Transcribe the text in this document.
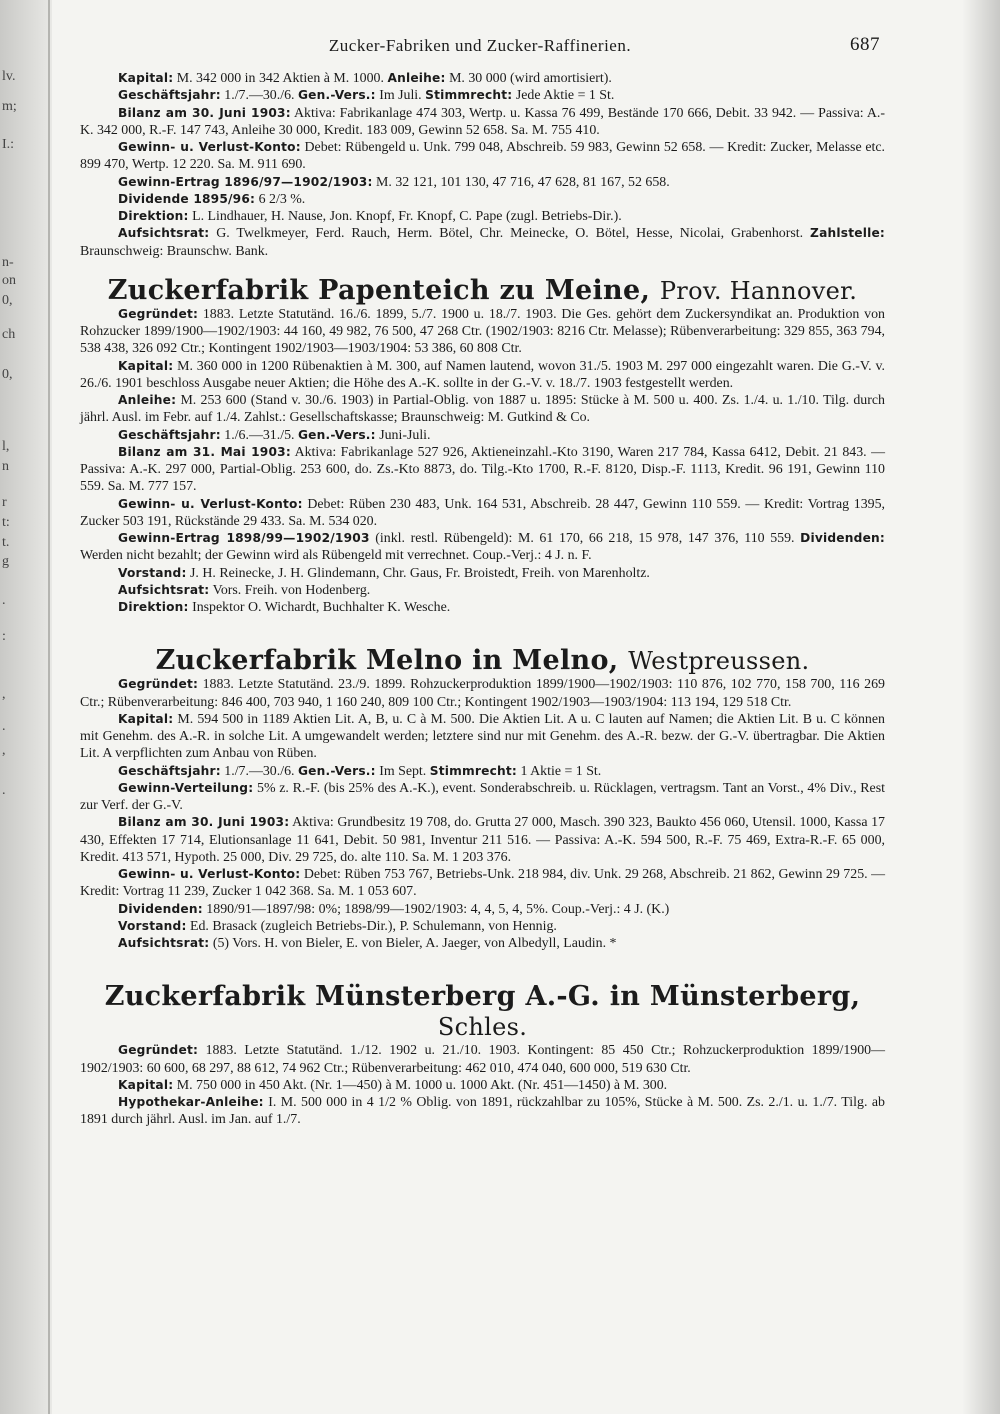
lv.
m;
I.:
n-
on
0,
ch
0,
l,
n
r
t:
t.
g
.
:
,
.
,
.
Zucker-Fabriken und Zucker-Raffinerien.	687

Kapital: M. 342 000 in 342 Aktien à M. 1000. Anleihe: M. 30 000 (wird amortisiert).

Geschäftsjahr: 1./7.—30./6. Gen.-Vers.: Im Juli. Stimmrecht: Jede Aktie = 1 St.

Bilanz am 30. Juni 1903: Aktiva: Fabrikanlage 474 303, Wertp. u. Kassa 76 499, Bestände 170 666, Debit. 33 942. — Passiva: A.-K. 342 000, R.-F. 147 743, Anleihe 30 000, Kredit. 183 009, Gewinn 52 658. Sa. M. 755 410.

Gewinn- u. Verlust-Konto: Debet: Rübengeld u. Unk. 799 048, Abschreib. 59 983, Gewinn 52 658. — Kredit: Zucker, Melasse etc. 899 470, Wertp. 12 220. Sa. M. 911 690.

Gewinn-Ertrag 1896/97—1902/1903: M. 32 121, 101 130, 47 716, 47 628, 81 167, 52 658.

Dividende 1895/96: 6 2/3 %.

Direktion: L. Lindhauer, H. Nause, Jon. Knopf, Fr. Knopf, C. Pape (zugl. Betriebs-Dir.).

Aufsichtsrat: G. Twelkmeyer, Ferd. Rauch, Herm. Bötel, Chr. Meinecke, O. Bötel, Hesse, Nicolai, Grabenhorst. Zahlstelle: Braunschweig: Braunschw. Bank.

Zuckerfabrik Papenteich zu Meine, Prov. Hannover.

Gegründet: 1883. Letzte Statutänd. 16./6. 1899, 5./7. 1900 u. 18./7. 1903. Die Ges. gehört dem Zuckersyndikat an. Produktion von Rohzucker 1899/1900—1902/1903: 44 160, 49 982, 76 500, 47 268 Ctr. (1902/1903: 8216 Ctr. Melasse); Rübenverarbeitung: 329 855, 363 794, 538 438, 326 092 Ctr.; Kontingent 1902/1903—1903/1904: 53 386, 60 808 Ctr.

Kapital: M. 360 000 in 1200 Rübenaktien à M. 300, auf Namen lautend, wovon 31./5. 1903 M. 297 000 eingezahlt waren. Die G.-V. v. 26./6. 1901 beschloss Ausgabe neuer Aktien; die Höhe des A.-K. sollte in der G.-V. v. 18./7. 1903 festgestellt werden.

Anleihe: M. 253 600 (Stand v. 30./6. 1903) in Partial-Oblig. von 1887 u. 1895: Stücke à M. 500 u. 400. Zs. 1./4. u. 1./10. Tilg. durch jährl. Ausl. im Febr. auf 1./4. Zahlst.: Gesellschaftskasse; Braunschweig: M. Gutkind & Co.

Geschäftsjahr: 1./6.—31./5. Gen.-Vers.: Juni-Juli.

Bilanz am 31. Mai 1903: Aktiva: Fabrikanlage 527 926, Aktieneinzahl.-Kto 3190, Waren 217 784, Kassa 6412, Debit. 21 843. — Passiva: A.-K. 297 000, Partial-Oblig. 253 600, do. Zs.-Kto 8873, do. Tilg.-Kto 1700, R.-F. 8120, Disp.-F. 1113, Kredit. 96 191, Gewinn 110 559. Sa. M. 777 157.

Gewinn- u. Verlust-Konto: Debet: Rüben 230 483, Unk. 164 531, Abschreib. 28 447, Gewinn 110 559. — Kredit: Vortrag 1395, Zucker 503 191, Rückstände 29 433. Sa. M. 534 020.

Gewinn-Ertrag 1898/99—1902/1903 (inkl. restl. Rübengeld): M. 61 170, 66 218, 15 978, 147 376, 110 559. Dividenden: Werden nicht bezahlt; der Gewinn wird als Rübengeld mit verrechnet. Coup.-Verj.: 4 J. n. F.

Vorstand: J. H. Reinecke, J. H. Glindemann, Chr. Gaus, Fr. Broistedt, Freih. von Marenholtz.

Aufsichtsrat: Vors. Freih. von Hodenberg.

Direktion: Inspektor O. Wichardt, Buchhalter K. Wesche.

Zuckerfabrik Melno in Melno, Westpreussen.

Gegründet: 1883. Letzte Statutänd. 23./9. 1899. Rohzuckerproduktion 1899/1900—1902/1903: 110 876, 102 770, 158 700, 116 269 Ctr.; Rübenverarbeitung: 846 400, 703 940, 1 160 240, 809 100 Ctr.; Kontingent 1902/1903—1903/1904: 113 194, 129 518 Ctr.

Kapital: M. 594 500 in 1189 Aktien Lit. A, B, u. C à M. 500. Die Aktien Lit. A u. C lauten auf Namen; die Aktien Lit. B u. C können mit Genehm. des A.-R. in solche Lit. A umgewandelt werden; letztere sind nur mit Genehm. des A.-R. bezw. der G.-V. übertragbar. Die Aktien Lit. A verpflichten zum Anbau von Rüben.

Geschäftsjahr: 1./7.—30./6. Gen.-Vers.: Im Sept. Stimmrecht: 1 Aktie = 1 St.

Gewinn-Verteilung: 5% z. R.-F. (bis 25% des A.-K.), event. Sonderabschreib. u. Rücklagen, vertragsm. Tant an Vorst., 4% Div., Rest zur Verf. der G.-V.

Bilanz am 30. Juni 1903: Aktiva: Grundbesitz 19 708, do. Grutta 27 000, Masch. 390 323, Baukto 456 060, Utensil. 1000, Kassa 17 430, Effekten 17 714, Elutionsanlage 11 641, Debit. 50 981, Inventur 211 516. — Passiva: A.-K. 594 500, R.-F. 75 469, Extra-R.-F. 65 000, Kredit. 413 571, Hypoth. 25 000, Div. 29 725, do. alte 110. Sa. M. 1 203 376.

Gewinn- u. Verlust-Konto: Debet: Rüben 753 767, Betriebs-Unk. 218 984, div. Unk. 29 268, Abschreib. 21 862, Gewinn 29 725. — Kredit: Vortrag 11 239, Zucker 1 042 368. Sa. M. 1 053 607.

Dividenden: 1890/91—1897/98: 0%; 1898/99—1902/1903: 4, 4, 5, 4, 5%. Coup.-Verj.: 4 J. (K.)

Vorstand: Ed. Brasack (zugleich Betriebs-Dir.), P. Schulemann, von Hennig.

Aufsichtsrat: (5) Vors. H. von Bieler, E. von Bieler, A. Jaeger, von Albedyll, Laudin. *

Zuckerfabrik Münsterberg A.-G. in Münsterberg, Schles.

Gegründet: 1883. Letzte Statutänd. 1./12. 1902 u. 21./10. 1903. Kontingent: 85 450 Ctr.; Rohzuckerproduktion 1899/1900—1902/1903: 60 600, 68 297, 88 612, 74 962 Ctr.; Rübenverarbeitung: 462 010, 474 040, 600 000, 519 630 Ctr.

Kapital: M. 750 000 in 450 Akt. (Nr. 1—450) à M. 1000 u. 1000 Akt. (Nr. 451—1450) à M. 300.

Hypothekar-Anleihe: I. M. 500 000 in 4 1/2 % Oblig. von 1891, rückzahlbar zu 105%, Stücke à M. 500. Zs. 2./1. u. 1./7. Tilg. ab 1891 durch jährl. Ausl. im Jan. auf 1./7.
